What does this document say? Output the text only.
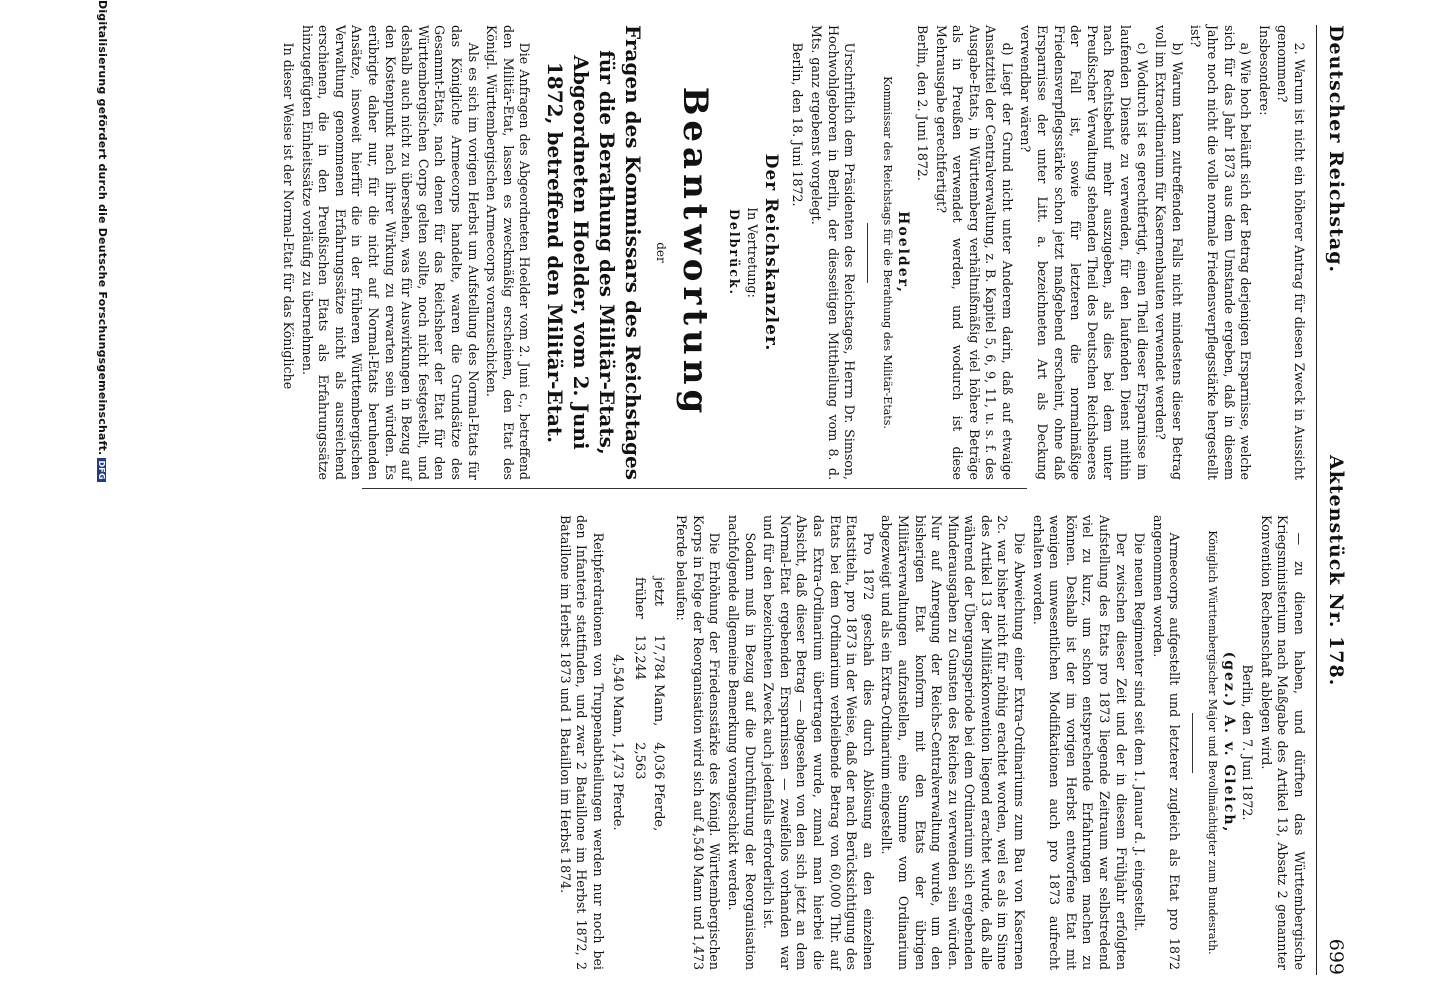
Deutscher Reichstag.
Aktenstück Nr. 178.
699

2. Warum ist nicht ein höherer Antrag für diesen Zweck in Aussicht genommen?

Insbesondere:

a) Wie hoch beläuft sich der Betrag derjenigen Ersparnisse, welche sich für das Jahr 1873 aus dem Umstande ergeben, daß in diesem Jahre noch nicht die volle normale Friedensverpflegsstärke hergestellt ist?

b) Warum kann zutreffenden Falls nicht mindestens dieser Betrag voll im Extraordinarium für Kasernenbauten verwendet werden?

c) Wodurch ist es gerechtfertigt, einen Theil dieser Ersparnisse im laufenden Dienste zu verwenden, für den laufenden Dienst mithin nach Rechtsbehuf mehr auszugeben, als dies bei dem unter Preußischer Verwaltung stehenden Theil des Deutschen Reichsheeres der Fall ist, sowie für letzteren die normalmäßige Friedensverpflegsstärke schon jetzt maßgebend erscheint, ohne daß Ersparnisse der unter Litt. a. bezeichneten Art als Deckung verwendbar wären?

d) Liegt der Grund nicht unter Anderem darin, daß auf etwaige Ansatztitel der Centralverwaltung, z. B. Kapitel 5, 6, 9, 11, u. s. f. des Ausgabe-Etats, in Württemberg verhältnißmäßig viel höhere Beträge als in Preußen verwendet werden, und wodurch ist diese Mehrausgabe gerechtfertigt?

Berlin, den 2. Juni 1872.

Hoelder,

Kommissar des Reichstags für die Berathung des Militär-Etats.

Urschriftlich dem Präsidenten des Reichstages, Herrn Dr. Simson, Hochwohlgeboren in Berlin, der diesseitigen Mittheilung vom 8. d. Mts. ganz ergebenst vorgelegt.

Berlin, den 18. Juni 1872.

Der Reichskanzler.

In Vertretung:

Delbrück.

Beantwortung
der
Fragen des Kommissars des Reichstages für die Berathung des Militär-Etats, Abgeordneten Hoelder, vom 2. Juni 1872, betreffend den Militär-Etat.

Die Anfragen des Abgeordneten Hoelder vom 2. Juni c., betreffend den Militär-Etat, lassen es zweckmäßig erscheinen, den Etat des Königl. Württembergischen Armeecorps voranzuschicken.

Als es sich im vorigen Herbst um Aufstellung des Normal-Etats für das Königliche Armeecorps handelte, waren die Grundsätze des Gesammt-Etats, nach denen für das Reichsheer der Etat für den Württembergischen Corps gelten sollte, noch nicht festgestellt, und deshalb auch nicht zu übersehen, was für Auswirkungen in Bezug auf den Kostenpunkt nach ihrer Wirkung zu erwarten sein würden. Es erübrigte daher nur, für die nicht auf Normal-Etats beruhenden Ansätze, insoweit hierfür die in der früheren Württembergischen Verwaltung genommenen Erfahrungssätze nicht als ausreichend erschienen, die in den Preußischen Etats als Erfahrungssätze hinzugefügten Einheitssätze vorläufig zu übernehmen.

In dieser Weise ist der Normal-Etat für das Königliche

— zu dienen haben, und dürften das Württembergische Kriegsministerium nach Maßgabe des Artikel 13, Absatz 2 genannter Konvention Rechenschaft ablegen wird.

Berlin, den 7. Juni 1872.

(gez.) A. v. Gleich,

Königlich Württembergischer Major und Bevollmächtigter zum Bundesrath.

Armeecorps aufgestellt und letzterer zugleich als Etat pro 1872 angenommen worden.

Die neuen Regimenter sind seit dem 1. Januar d. J. eingestellt.

Der zwischen dieser Zeit und der in diesem Frühjahr erfolgten Aufstellung des Etats pro 1873 liegende Zeitraum war selbstredend viel zu kurz, um schon entsprechende Erfahrungen machen zu können. Deshalb ist der im vorigen Herbst entworfene Etat mit wenigen unwesentlichen Modifikationen auch pro 1873 aufrecht erhalten worden.

Die Abweichung einer Extra-Ordinariums zum Bau von Kasernen 2c. war bisher nicht für nöthig erachtet worden, weil es als im Sinne des Artikel 13 der Militärkonvention liegend erachtet wurde, daß alle während der Übergangsperiode bei dem Ordinarium sich ergebenden Minderausgaben zu Gunsten des Reiches zu verwenden sein würden. Nur auf Anregung der Reichs-Centralverwaltung wurde, um den bisherigen Etat konform mit den Etats der übrigen Militärverwaltungen aufzustellen, eine Summe vom Ordinarium abgezweigt und als ein Extra-Ordinarium eingestellt.

Pro 1872 geschah dies durch Ablösung an den einzelnen Etatstiteln, pro 1873 in der Weise, daß der nach Berücksichtigung des Etats bei dem Ordinarium verbleibende Betrag von 60,000 Thlr. auf das Extra-Ordinarium übertragen wurde, zumal man hierbei die Absicht, daß dieser Betrag — abgesehen von den sich jetzt an dem Normal-Etat ergebenden Ersparnissen — zweifellos vorhanden war und für den bezeichneten Zweck auch jedenfalls erforderlich ist.

Sodann muß in Bezug auf die Durchführung der Reorganisation nachfolgende allgemeine Bemerkung vorangeschickt werden.

Die Erhöhung der Friedensstärke des Königl. Württembergischen Korps in Folge der Reorganisation wird sich auf 4,540 Mann und 1,473 Pferde belaufen:

jetzt	17,784 Mann,	4,036 Pferde,
früher	13,244	2,563

4,540 Mann, 1,473 Pferde.

Reitpferdrationen von Truppenabtheilungen werden nur noch bei den Infanterie stattfinden, und zwar 2 Bataillone im Herbst 1872, 2 Bataillone im Herbst 1873 und 1 Bataillon im Herbst 1874.

Digitalisierung gefördert durch die Deutsche Forschungsgemeinschaft.DFG
